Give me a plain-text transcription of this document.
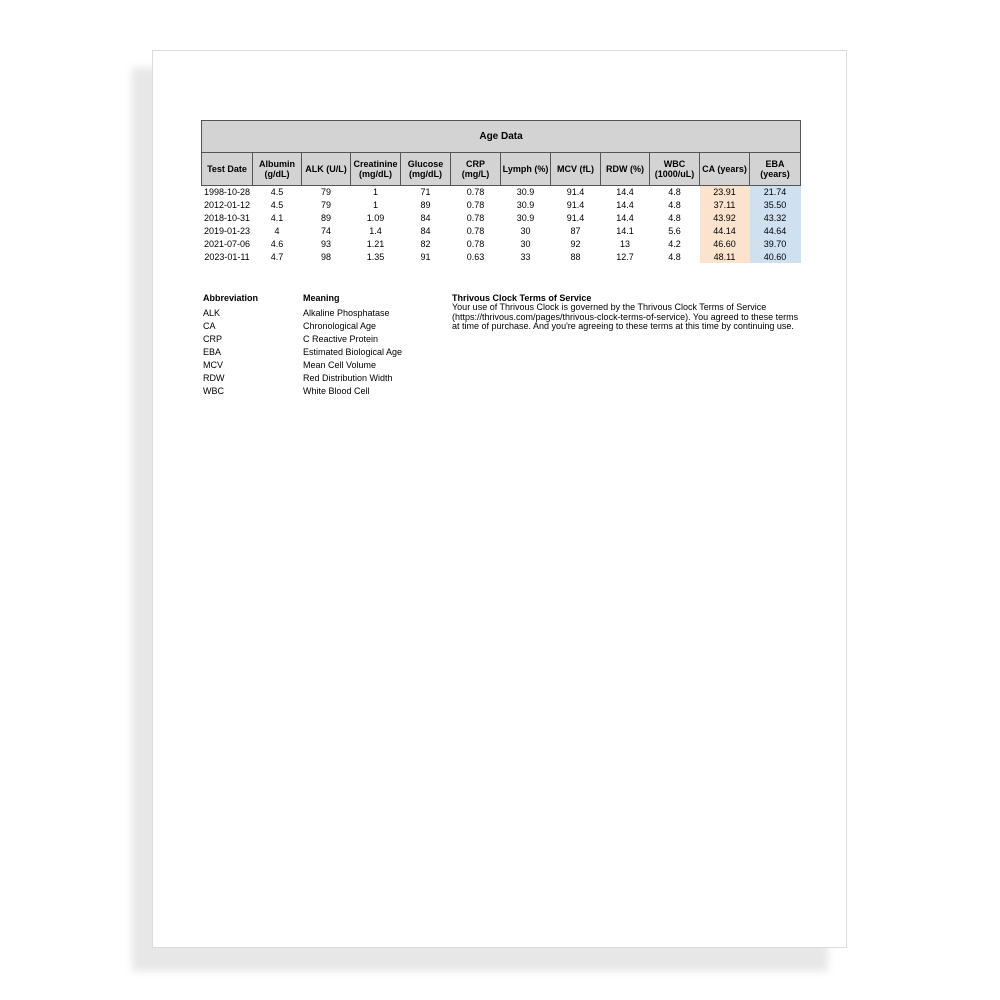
Age Data											
Test Date	Albumin (g/dL)	ALK (U/L)	Creatinine (mg/dL)	Glucose (mg/dL)	CRP (mg/L)	Lymph (%)	MCV (fL)	RDW (%)	WBC (1000/uL)	CA (years)	EBA (years)
1998-10-28	4.5	79	1	71	0.78	30.9	91.4	14.4	4.8	23.91	21.74
2012-01-12	4.5	79	1	89	0.78	30.9	91.4	14.4	4.8	37.11	35.50
2018-10-31	4.1	89	1.09	84	0.78	30.9	91.4	14.4	4.8	43.92	43.32
2019-01-23	4	74	1.4	84	0.78	30	87	14.1	5.6	44.14	44.64
2021-07-06	4.6	93	1.21	82	0.78	30	92	13	4.2	46.60	39.70
2023-01-11	4.7	98	1.35	91	0.63	33	88	12.7	4.8	48.11	40.60
Abbreviation	Meaning
ALK	Alkaline Phosphatase
CA	Chronological Age
CRP	C Reactive Protein
EBA	Estimated Biological Age
MCV	Mean Cell Volume
RDW	Red Distribution Width
WBC	White Blood Cell
Thrivous Clock Terms of Service
Your use of Thrivous Clock is governed by the Thrivous Clock Terms of Service (https://thrivous.com/pages/thrivous-clock-terms-of-service). You agreed to these terms at time of purchase. And you're agreeing to these terms at this time by continuing use.
